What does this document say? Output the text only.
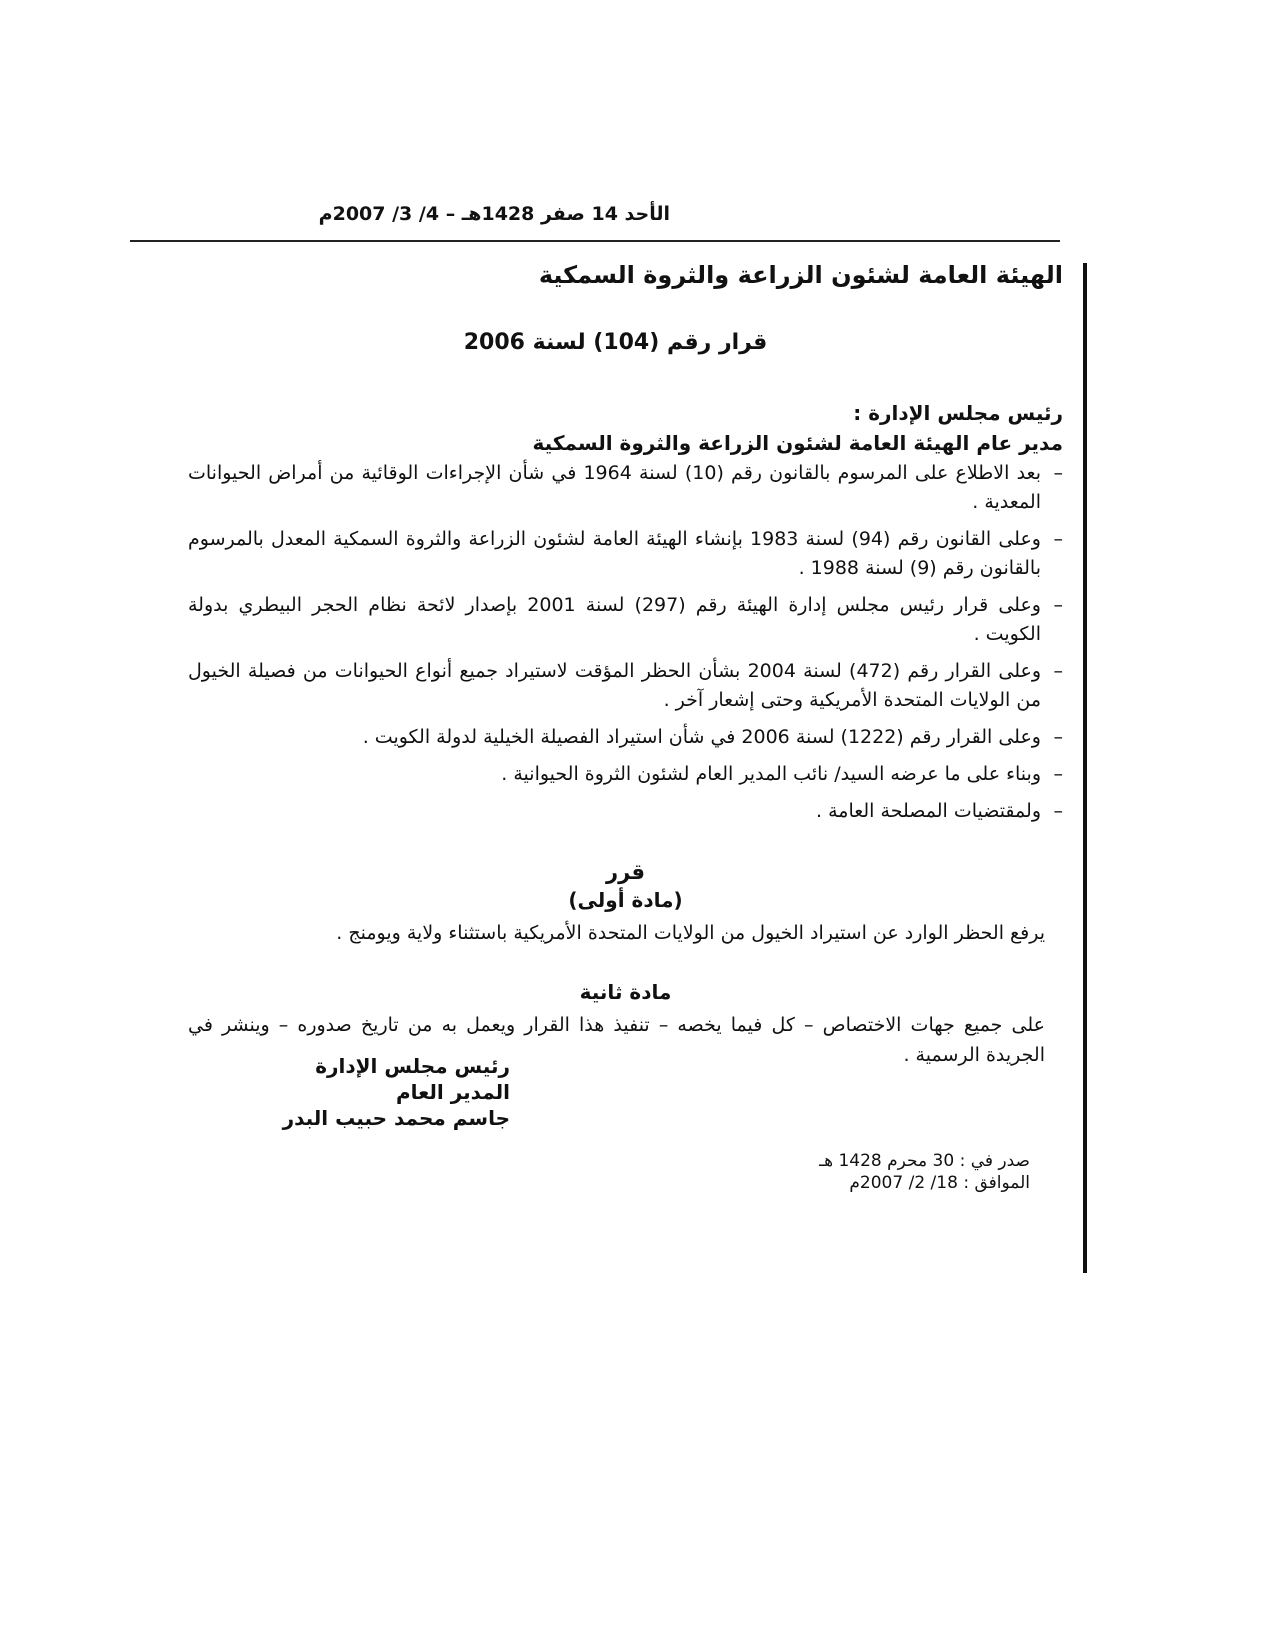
الأحد 14 صفر 1428هـ – 4/ 3/ 2007م
الهيئة العامة لشئون الزراعة والثروة السمكية
قرار رقم (104) لسنة 2006
رئيس مجلس الإدارة :
مدير عام الهيئة العامة لشئون الزراعة والثروة السمكية
–
بعد الاطلاع على المرسوم بالقانون رقم (10) لسنة 1964 في شأن الإجراءات الوقائية من أمراض الحيوانات المعدية .
–
وعلى القانون رقم (94) لسنة 1983 بإنشاء الهيئة العامة لشئون الزراعة والثروة السمكية المعدل بالمرسوم بالقانون رقم (9) لسنة 1988 .
–
وعلى قرار رئيس مجلس إدارة الهيئة رقم (297) لسنة 2001 بإصدار لائحة نظام الحجر البيطري بدولة الكويت .
–
وعلى القرار رقم (472) لسنة 2004 بشأن الحظر المؤقت لاستيراد جميع أنواع الحيوانات من فصيلة الخيول من الولايات المتحدة الأمريكية وحتى إشعار آخر .
–
وعلى القرار رقم (1222) لسنة 2006 في شأن استيراد الفصيلة الخيلية لدولة الكويت .
–
وبناء على ما عرضه السيد/ نائب المدير العام لشئون الثروة الحيوانية .
–
ولمقتضيات المصلحة العامة .
قرر
(مادة أولى)

يرفع الحظر الوارد عن استيراد الخيول من الولايات المتحدة الأمريكية باستثناء ولاية ويومنج .

مادة ثانية

على جميع جهات الاختصاص – كل فيما يخصه – تنفيذ هذا القرار ويعمل به من تاريخ صدوره – وينشر في الجريدة الرسمية .

رئيس مجلس الإدارة
المدير العام
جاسم محمد حبيب البدر
صدر في : 30 محرم 1428 هـ
الموافق : 18/ 2/ 2007م
